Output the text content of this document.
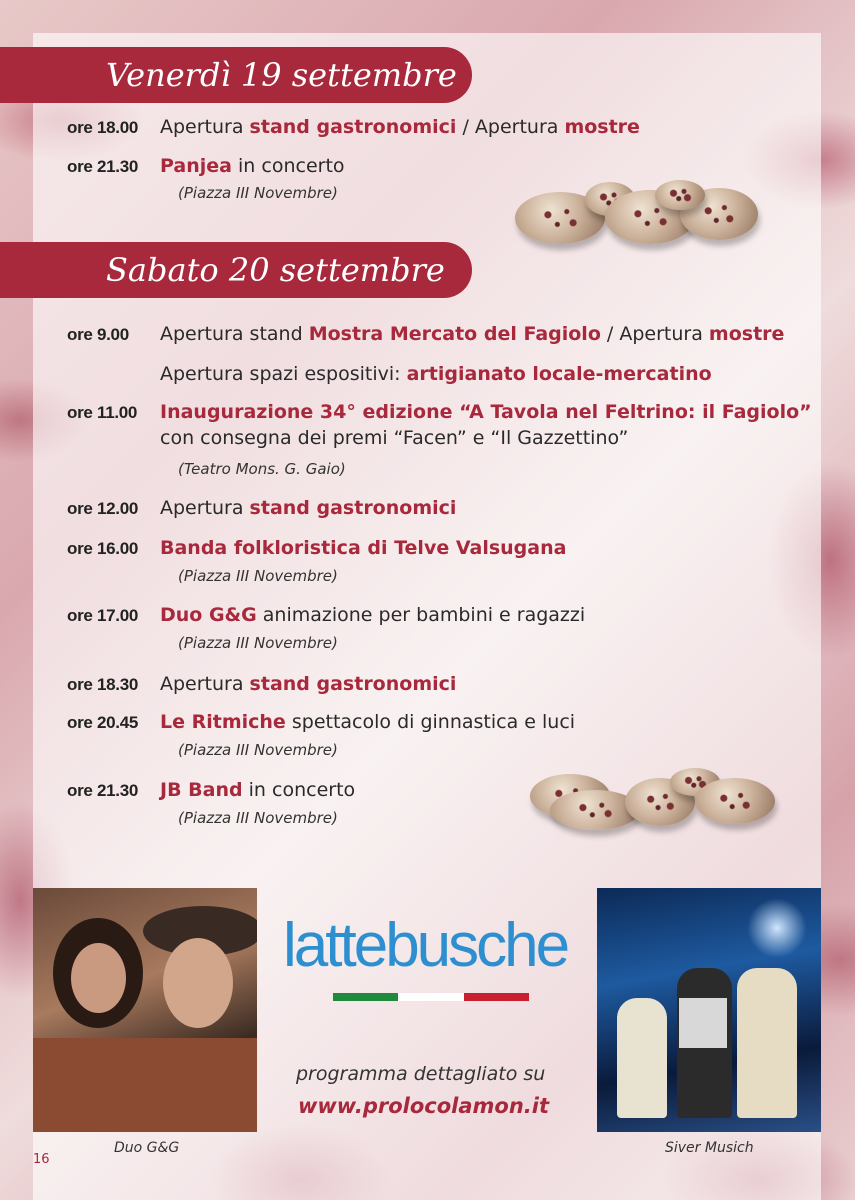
Venerdì 19 settembre
ore 18.00 Apertura stand gastronomici / Apertura mostre
ore 21.30 Panjea in concerto
(Piazza III Novembre)
Sabato 20 settembre
ore 9.00 Apertura stand Mostra Mercato del Fagiolo / Apertura mostre
Apertura spazi espositivi: artigianato locale-mercatino
ore 11.00 Inaugurazione 34° edizione “A Tavola nel Feltrino: il Fagiolo”
con consegna dei premi “Facen” e “Il Gazzettino”
(Teatro Mons. G. Gaio)
ore 12.00 Apertura stand gastronomici
ore 16.00 Banda folkloristica di Telve Valsugana
(Piazza III Novembre)
ore 17.00 Duo G&G animazione per bambini e ragazzi
(Piazza III Novembre)
ore 18.30 Apertura stand gastronomici
ore 20.45 Le Ritmiche spettacolo di ginnastica e luci
(Piazza III Novembre)
ore 21.30 JB Band in concerto
(Piazza III Novembre)
Duo G&G
lattebusche
programma dettagliato su
www.prolocolamon.it
Siver Musich
16
